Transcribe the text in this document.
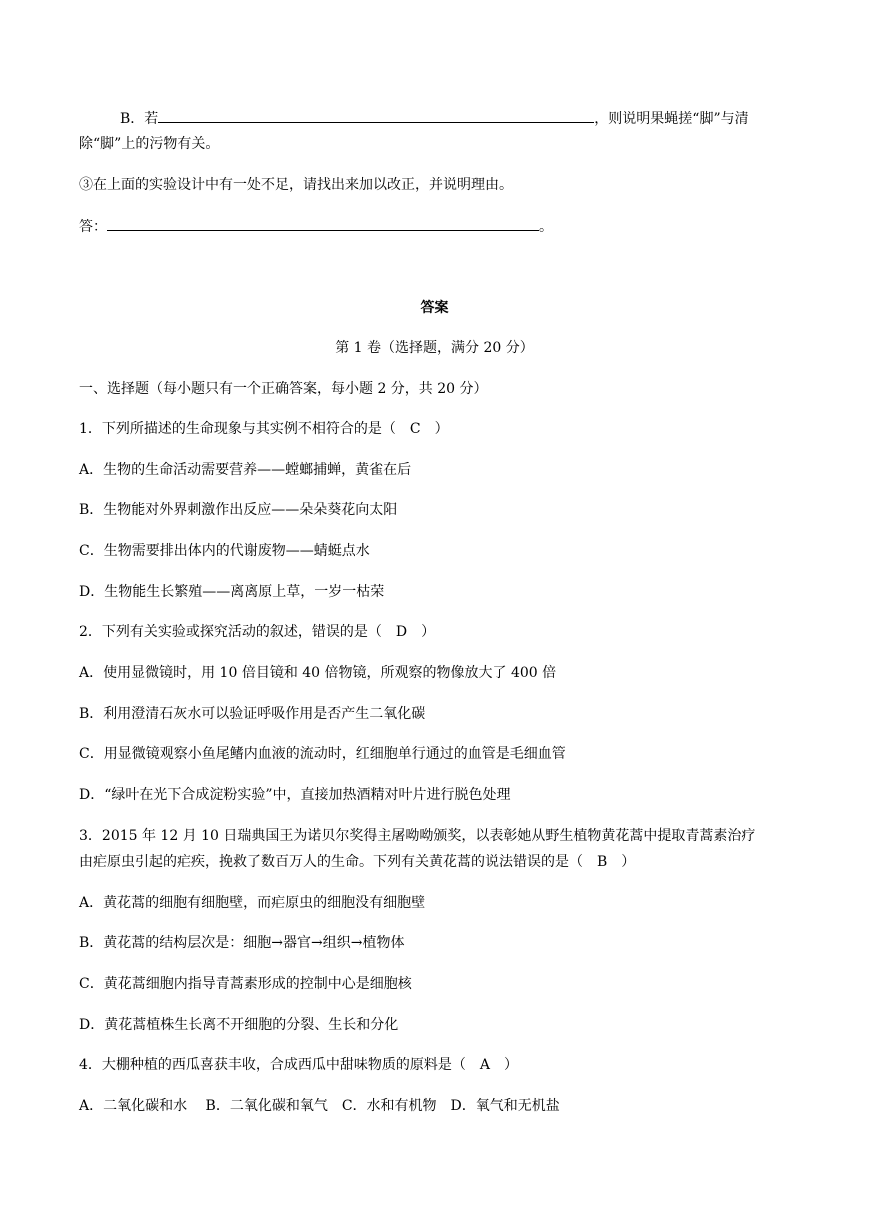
B．若	，则说明果蝇搓“脚”与清
除“脚”上的污物有关。
③在上面的实验设计中有一处不足，请找出来加以改正，并说明理由。
答：	。
答案
第 1 卷（选择题，满分 20 分）
一、选择题（每小题只有一个正确答案，每小题 2 分，共 20 分）
1．下列所描述的生命现象与其实例不相符合的是（　C　）
A．生物的生命活动需要营养——螳螂捕蝉，黄雀在后
B．生物能对外界刺激作出反应——朵朵葵花向太阳
C．生物需要排出体内的代谢废物——蜻蜓点水
D．生物能生长繁殖——离离原上草，一岁一枯荣
2．下列有关实验或探究活动的叙述，错误的是（　D　）
A．使用显微镜时，用 10 倍目镜和 40 倍物镜，所观察的物像放大了 400 倍
B．利用澄清石灰水可以验证呼吸作用是否产生二氧化碳
C．用显微镜观察小鱼尾鳍内血液的流动时，红细胞单行通过的血管是毛细血管
D．“绿叶在光下合成淀粉实验”中，直接加热酒精对叶片进行脱色处理
3．2015 年 12 月 10 日瑞典国王为诺贝尔奖得主屠呦呦颁奖，以表彰她从野生植物黄花蒿中提取青蒿素治疗
由疟原虫引起的疟疾，挽救了数百万人的生命。下列有关黄花蒿的说法错误的是（　B　）
A．黄花蒿的细胞有细胞壁，而疟原虫的细胞没有细胞壁
B．黄花蒿的结构层次是：细胞→器官→组织→植物体
C．黄花蒿细胞内指导青蒿素形成的控制中心是细胞核
D．黄花蒿植株生长离不开细胞的分裂、生长和分化
4．大棚种植的西瓜喜获丰收，合成西瓜中甜味物质的原料是（　A　）
A．二氧化碳和水　 B．二氧化碳和氧气　C．水和有机物　D．氧气和无机盐
